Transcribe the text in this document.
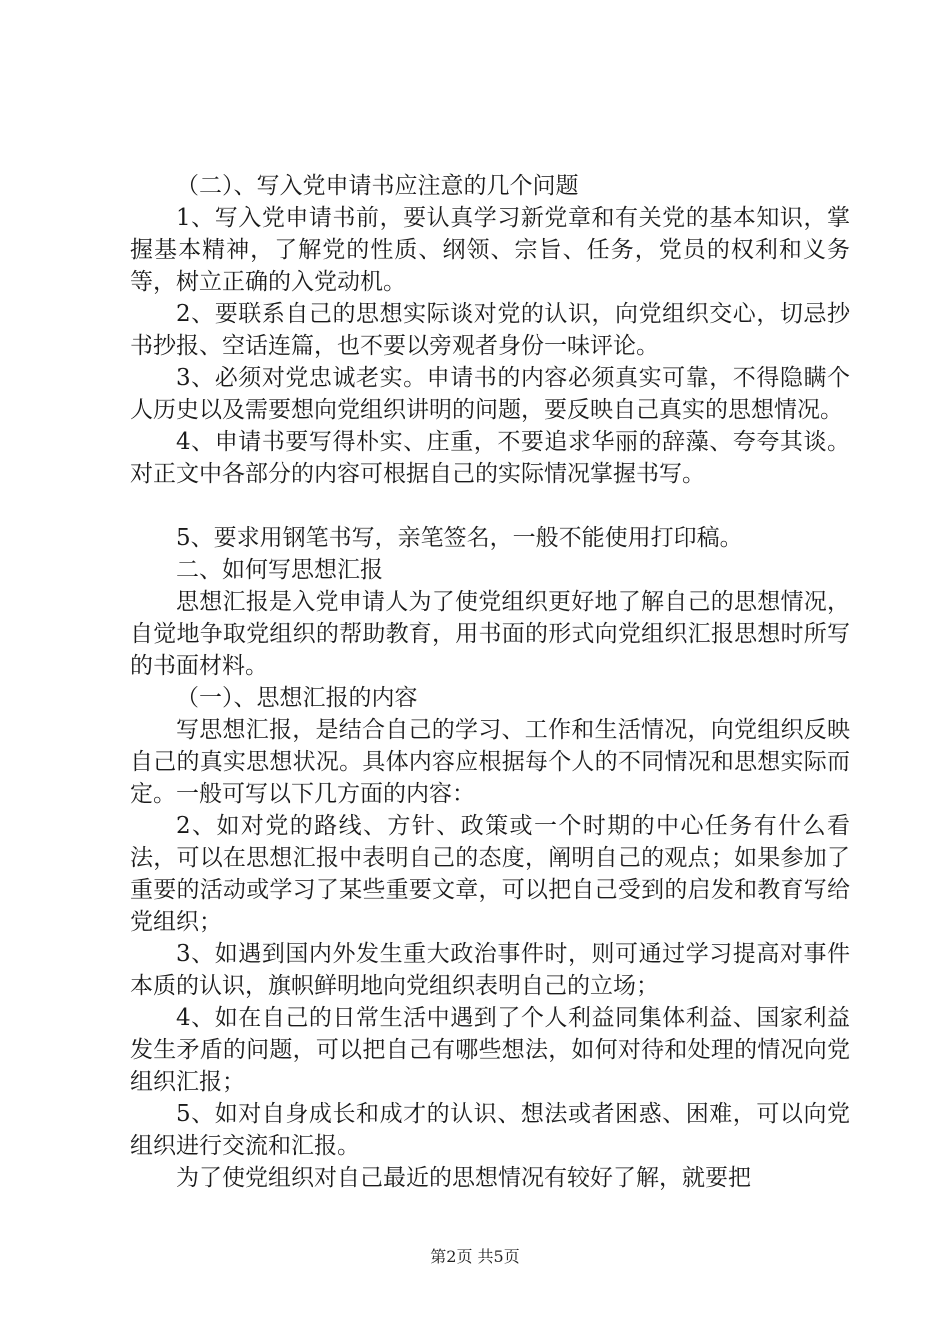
（二）、写入党申请书应注意的几个问题

1、写入党申请书前，要认真学习新党章和有关党的基本知识，掌握基本精神，了解党的性质、纲领、宗旨、任务，党员的权利和义务等，树立正确的入党动机。

2、要联系自己的思想实际谈对党的认识，向党组织交心，切忌抄书抄报、空话连篇，也不要以旁观者身份一味评论。

3、必须对党忠诚老实。申请书的内容必须真实可靠，不得隐瞒个人历史以及需要想向党组织讲明的问题，要反映自己真实的思想情况。

4、申请书要写得朴实、庄重，不要追求华丽的辞藻、夸夸其谈。对正文中各部分的内容可根据自己的实际情况掌握书写。

5、要求用钢笔书写，亲笔签名，一般不能使用打印稿。

二、如何写思想汇报

思想汇报是入党申请人为了使党组织更好地了解自己的思想情况，自觉地争取党组织的帮助教育，用书面的形式向党组织汇报思想时所写的书面材料。

（一）、思想汇报的内容

写思想汇报，是结合自己的学习、工作和生活情况，向党组织反映自己的真实思想状况。具体内容应根据每个人的不同情况和思想实际而定。一般可写以下几方面的内容：

2、如对党的路线、方针、政策或一个时期的中心任务有什么看法，可以在思想汇报中表明自己的态度，阐明自己的观点；如果参加了重要的活动或学习了某些重要文章，可以把自己受到的启发和教育写给党组织；

3、如遇到国内外发生重大政治事件时，则可通过学习提高对事件本质的认识，旗帜鲜明地向党组织表明自己的立场；

4、如在自己的日常生活中遇到了个人利益同集体利益、国家利益发生矛盾的问题，可以把自己有哪些想法，如何对待和处理的情况向党组织汇报；

5、如对自身成长和成才的认识、想法或者困惑、困难，可以向党组织进行交流和汇报。

为了使党组织对自己最近的思想情况有较好了解，就要把

第2页 共5页
